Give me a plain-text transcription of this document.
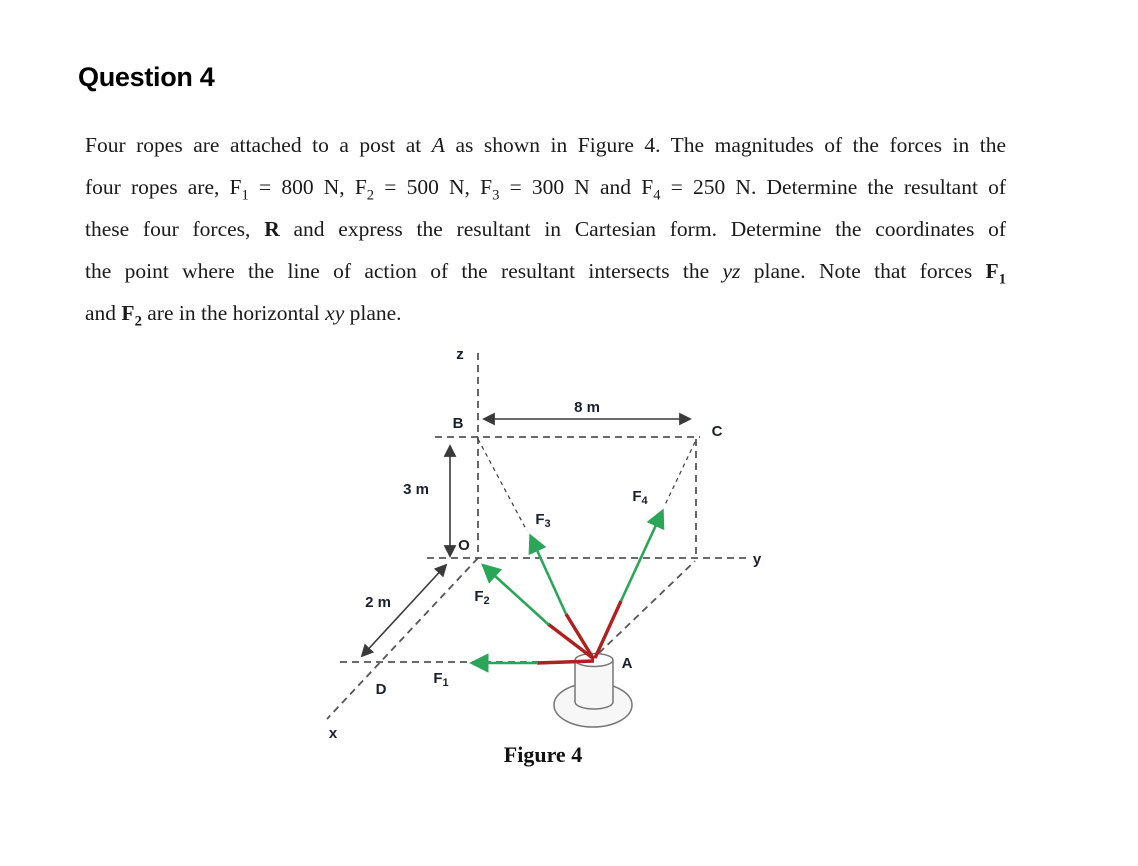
Question 4
Four ropes are attached to a post at A as shown in Figure 4. The magnitudes of the forces in the
four ropes are, $F_1 = 800$ N, $F_2 = 500$ N, $F_3 = 300$ N and $F_4 = 250$ N. Determine the resultant of
these four forces, R and express the resultant in Cartesian form. Determine the coordinates of
the point where the line of action of the resultant intersects the yz plane. Note that forces $F_1$
and $F_2$ are in the horizontal xy plane.
z
B
8 m
C
3 m
O
y
$F_4$
$F_3$
$F_2$
2 m
$F_1$
D
A
x
Figure 4
